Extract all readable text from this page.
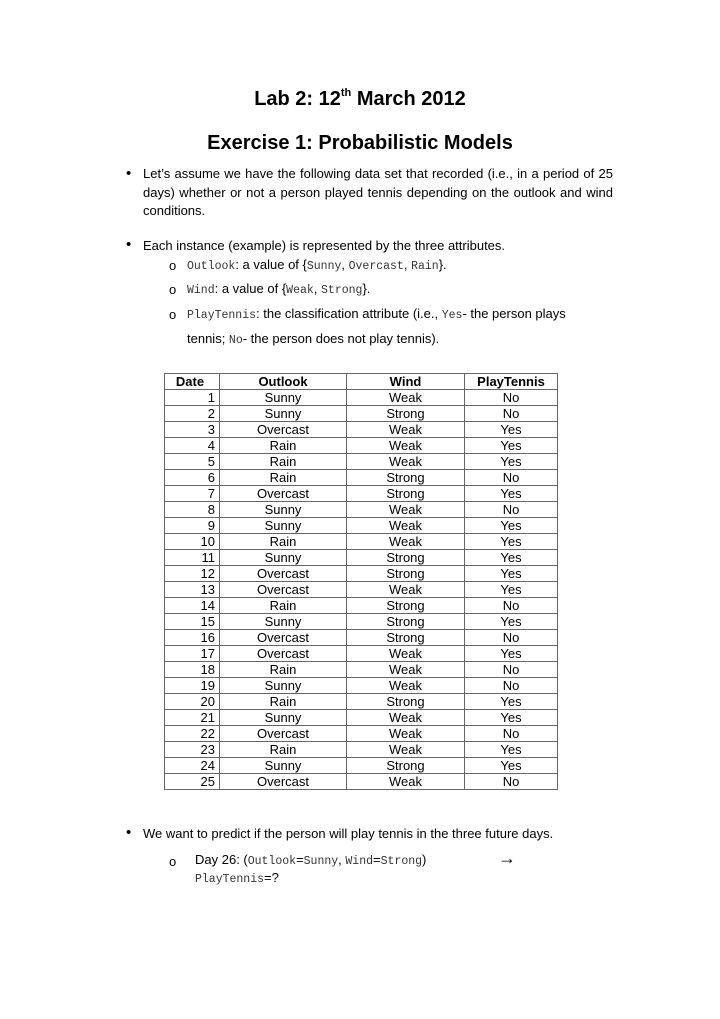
Lab 2: 12th March 2012
Exercise 1: Probabilistic Models
• Let’s assume we have the following data set that recorded (i.e., in a period of 25 days) whether or not a person played tennis depending on the outlook and wind conditions.

• Each instance (example) is represented by the three attributes.

o Outlook: a value of {Sunny, Overcast, Rain}.
o Wind: a value of {Weak, Strong}.
o PlayTennis: the classification attribute (i.e., Yes- the person plays
tennis; No- the person does not play tennis).
Date	Outlook	Wind	PlayTennis
1	Sunny	Weak	No
2	Sunny	Strong	No
3	Overcast	Weak	Yes
4	Rain	Weak	Yes
5	Rain	Weak	Yes
6	Rain	Strong	No
7	Overcast	Strong	Yes
8	Sunny	Weak	No
9	Sunny	Weak	Yes
10	Rain	Weak	Yes
11	Sunny	Strong	Yes
12	Overcast	Strong	Yes
13	Overcast	Weak	Yes
14	Rain	Strong	No
15	Sunny	Strong	Yes
16	Overcast	Strong	No
17	Overcast	Weak	Yes
18	Rain	Weak	No
19	Sunny	Weak	No
20	Rain	Strong	Yes
21	Sunny	Weak	Yes
22	Overcast	Weak	No
23	Rain	Weak	Yes
24	Sunny	Strong	Yes
25	Overcast	Weak	No
• We want to predict if the person will play tennis in the three future days.

o Day 26: (Outlook=Sunny, Wind=Strong)	→
PlayTennis=?
